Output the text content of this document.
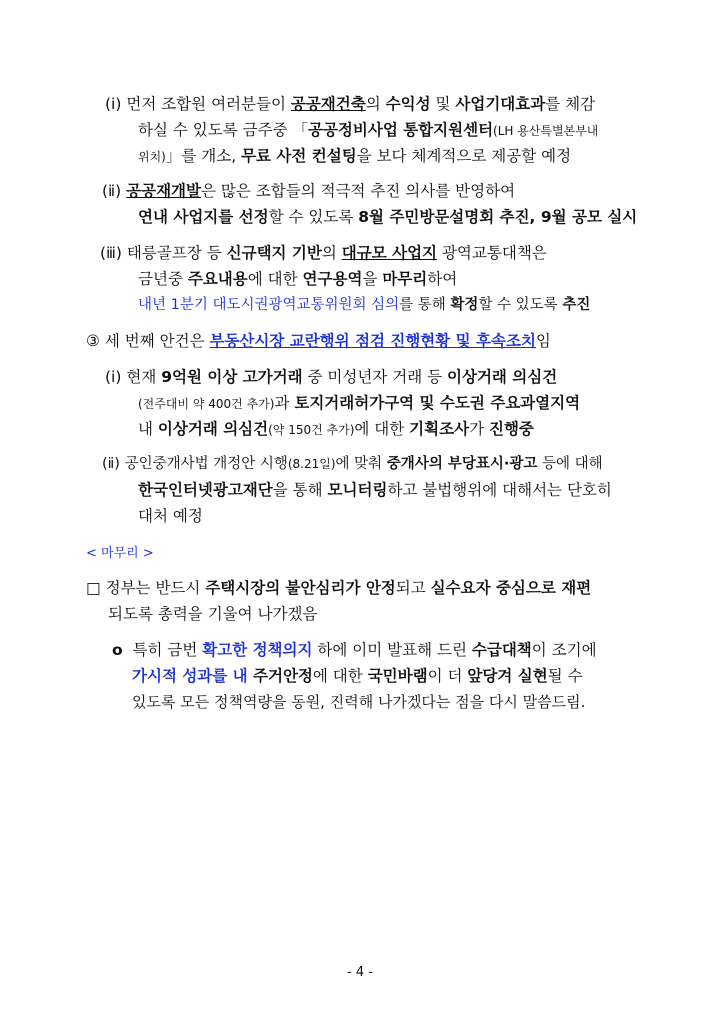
(ⅰ) 먼저 조합원 여러분들이 공공재건축의 수익성 및 사업기대효과를 체감
하실 수 있도록 금주중 「공공정비사업 통합지원센터(LH 용산특별본부내
위치)」를 개소, 무료 사전 컨설팅을 보다 체계적으로 제공할 예정
(ⅱ) 공공재개발은 많은 조합들의 적극적 추진 의사를 반영하여
연내 사업지를 선정할 수 있도록 8월 주민방문설명회 추진, 9월 공모 실시
(ⅲ) 태릉골프장 등 신규택지 기반의 대규모 사업지 광역교통대책은
금년중 주요내용에 대한 연구용역을 마무리하여
내년 1분기 대도시권광역교통위원회 심의를 통해 확정할 수 있도록 추진
③ 세 번째 안건은 부동산시장 교란행위 점검 진행현황 및 후속조치임
(ⅰ) 현재 9억원 이상 고가거래 중 미성년자 거래 등 이상거래 의심건
(전주대비 약 400건 추가)과 토지거래허가구역 및 수도권 주요과열지역
내 이상거래 의심건(약 150건 추가)에 대한 기획조사가 진행중
(ⅱ) 공인중개사법 개정안 시행(8.21일)에 맞춰 중개사의 부당표시·광고 등에 대해
한국인터넷광고재단을 통해 모니터링하고 불법행위에 대해서는 단호히
대처 예정
< 마무리 >
□ 정부는 반드시 주택시장의 불안심리가 안정되고 실수요자 중심으로 재편
되도록 총력을 기울여 나가겠음
o 특히 금번 확고한 정책의지 하에 이미 발표해 드린 수급대책이 조기에
가시적 성과를 내 주거안정에 대한 국민바램이 더 앞당겨 실현될 수
있도록 모든 정책역량을 동원, 진력해 나가겠다는 점을 다시 말씀드림.
- 4 -
